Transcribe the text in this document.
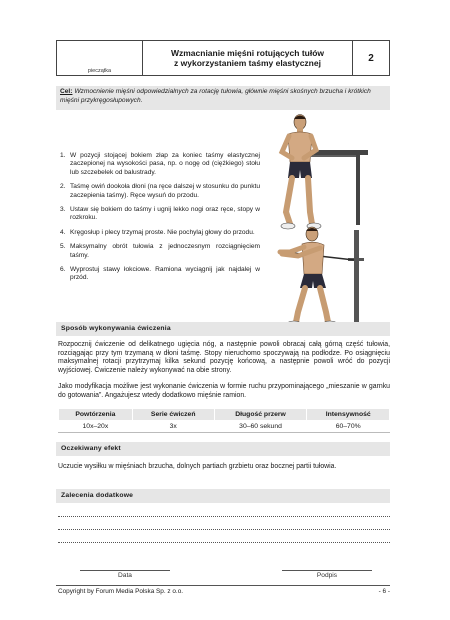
pieczątka
Wzmacnianie mięśni rotujących tułów
z wykorzystaniem taśmy elastycznej	2
Cel: Wzmocnienie mięśni odpowiedzialnych za rotację tułowia, głównie mięśni skośnych brzucha i krótkich mięśni przykręgosłupowych.
1. W pozycji stojącej bokiem złap za koniec taśmy elastycznej zaczepionej na wysokości pasa, np. o nogę od (ciężkiego) stołu lub szczebelek od balustrady.
2. Taśmę owiń dookoła dłoni (na ręce dalszej w stosunku do punktu zaczepienia taśmy). Ręce wysuń do przodu.
3. Ustaw się bokiem do taśmy i ugnij lekko nogi oraz ręce, stopy w rozkroku.
4. Kręgosłup i plecy trzymaj proste. Nie pochylaj głowy do przodu.
5. Maksymalny obrót tułowia z jednoczesnym rozciągnięciem taśmy.
6. Wyprostuj stawy łokciowe. Ramiona wyciągnij jak najdalej w przód.
Sposób wykonywania ćwiczenia

Rozpocznij ćwiczenie od delikatnego ugięcia nóg, a następnie powoli obracaj całą górną część tułowia, rozciągając przy tym trzymaną w dłoni taśmę. Stopy nieruchomo spoczywają na podłodze. Po osiągnięciu maksymalnej rotacji przytrzymaj kilka sekund pozycję końcową, a następnie powoli wróć do pozycji wyjściowej. Ćwiczenie należy wykonywać na obie strony.

Jako modyfikacja możliwe jest wykonanie ćwiczenia w formie ruchu przypominającego „mieszanie w garnku do gotowania”. Angażujesz wtedy dodatkowo mięśnie ramion.

Powtórzenia	Serie ćwiczeń	Długość przerw	Intensywność
10x–20x	3x	30–60 sekund	60–70%
Oczekiwany efekt

Uczucie wysiłku w mięśniach brzucha, dolnych partiach grzbietu oraz bocznej partii tułowia.

Zalecenia dodatkowe
Data	Podpis
Copyright by Forum Media Polska Sp. z o.o.	- 6 -
